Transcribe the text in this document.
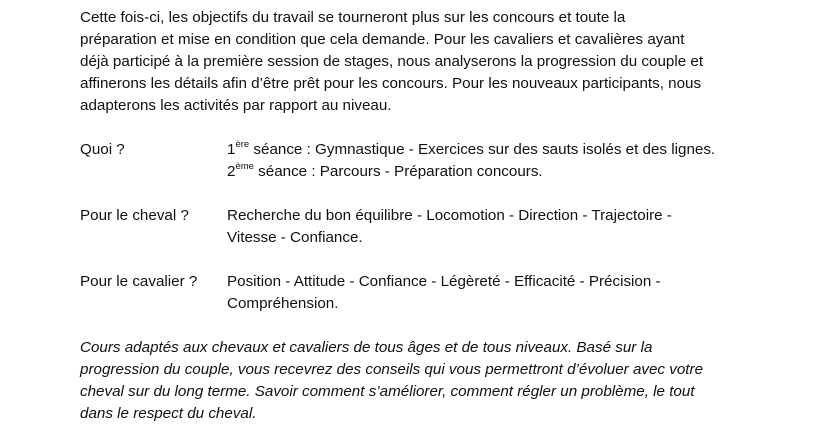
Cette fois-ci, les objectifs du travail se tourneront plus sur les concours et toute la

préparation et mise en condition que cela demande. Pour les cavaliers et cavalières ayant

déjà participé à la première session de stages, nous analyserons la progression du couple et

affinerons les détails afin d’être prêt pour les concours. Pour les nouveaux participants, nous

adapterons les activités par rapport au niveau.

Quoi ?	1ère séance : Gymnastique - Exercices sur des sauts isolés et des lignes.
2ème séance : Parcours - Préparation concours.
Pour le cheval ?	Recherche du bon équilibre - Locomotion - Direction - Trajectoire -
Vitesse - Confiance.
Pour le cavalier ?	Position - Attitude - Confiance - Légèreté - Efficacité - Précision -
Compréhension.

Cours adaptés aux chevaux et cavaliers de tous âges et de tous niveaux. Basé sur la

progression du couple, vous recevrez des conseils qui vous permettront d’évoluer avec votre

cheval sur du long terme. Savoir comment s’améliorer, comment régler un problème, le tout

dans le respect du cheval.
